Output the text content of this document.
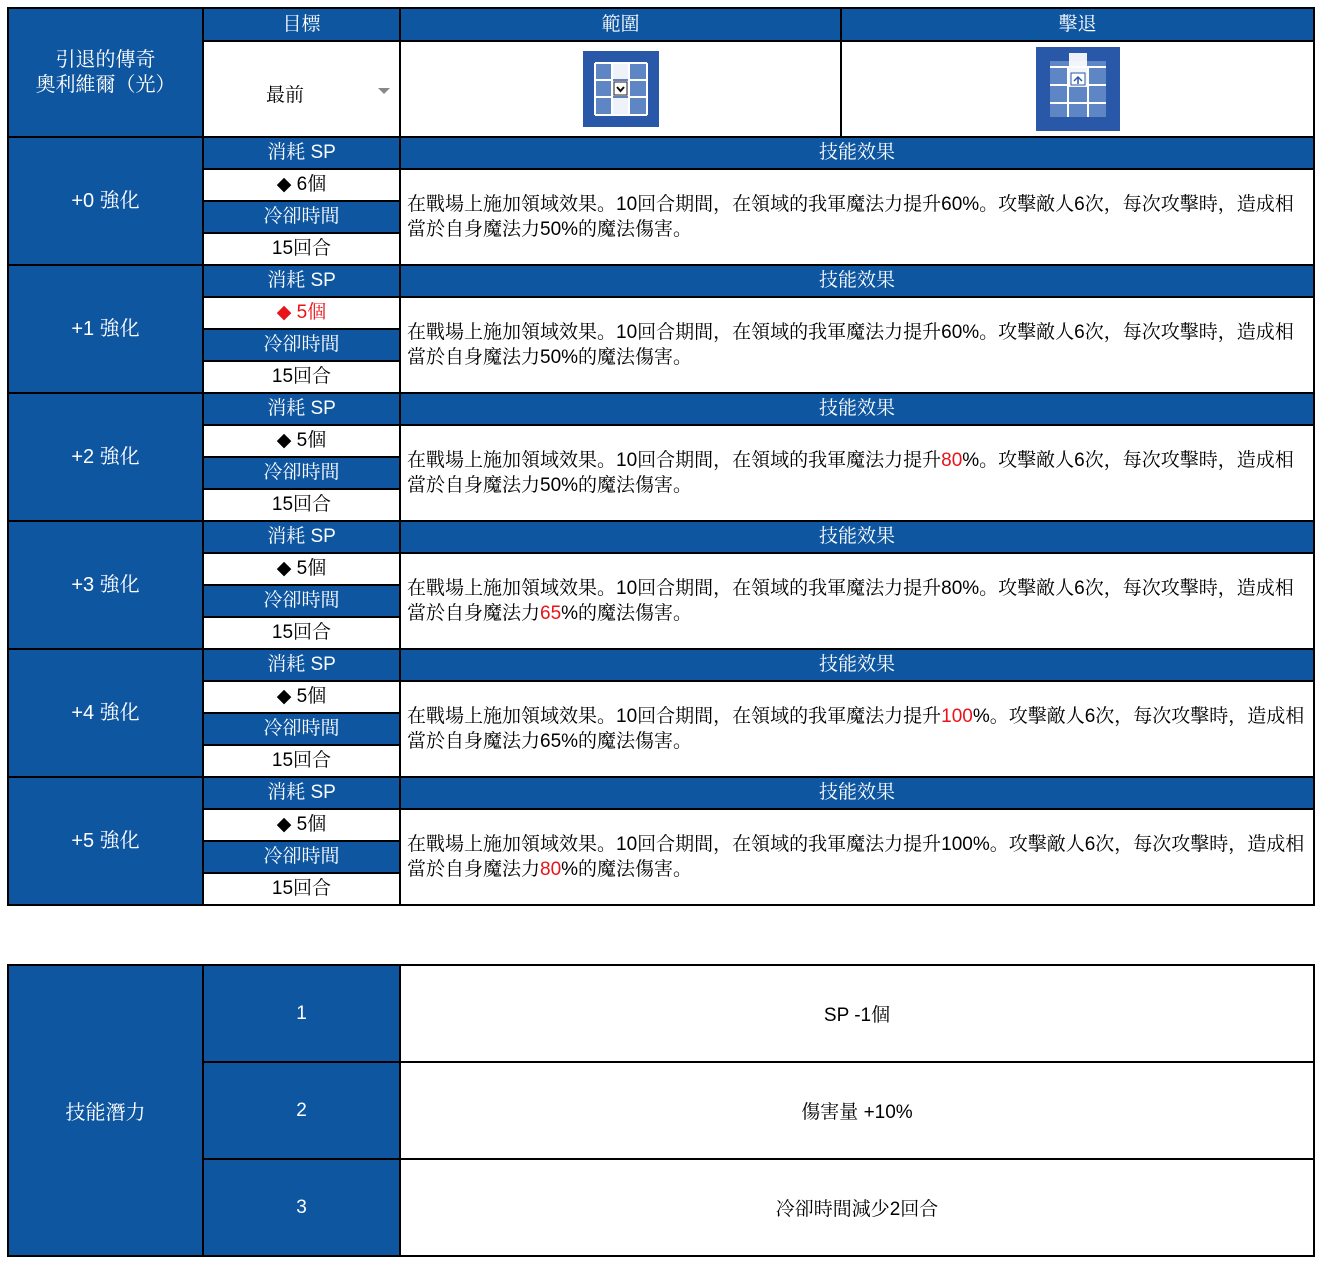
引退的傳奇
奧利維爾（光）	目標	範圍	擊退

	最前

+0 強化	消耗 SP	技能效果	
	◆ 6個	在戰場上施加領域效果。10回合期間，在領域的我軍魔法力提升60%。攻擊敵人6次，每次攻擊時，造成相當於自身魔法力50%的魔法傷害。	
	冷卻時間		
	15回合		
+1 強化	消耗 SP	技能效果	
	◆ 5個	在戰場上施加領域效果。10回合期間，在領域的我軍魔法力提升60%。攻擊敵人6次，每次攻擊時，造成相當於自身魔法力50%的魔法傷害。	
	冷卻時間		
	15回合		
+2 強化	消耗 SP	技能效果	
	◆ 5個	在戰場上施加領域效果。10回合期間，在領域的我軍魔法力提升80%。攻擊敵人6次，每次攻擊時，造成相當於自身魔法力50%的魔法傷害。	
	冷卻時間		
	15回合		
+3 強化	消耗 SP	技能效果	
	◆ 5個	在戰場上施加領域效果。10回合期間，在領域的我軍魔法力提升80%。攻擊敵人6次，每次攻擊時，造成相當於自身魔法力65%的魔法傷害。	
	冷卻時間		
	15回合		
+4 強化	消耗 SP	技能效果	
	◆ 5個	在戰場上施加領域效果。10回合期間，在領域的我軍魔法力提升100%。攻擊敵人6次，每次攻擊時，造成相當於自身魔法力65%的魔法傷害。	
	冷卻時間		
	15回合		
+5 強化	消耗 SP	技能效果	
	◆ 5個	在戰場上施加領域效果。10回合期間，在領域的我軍魔法力提升100%。攻擊敵人6次，每次攻擊時，造成相當於自身魔法力80%的魔法傷害。	
	冷卻時間		
	15回合		
技能潛力	1	SP -1個
	2	傷害量 +10%
	3	冷卻時間減少2回合
